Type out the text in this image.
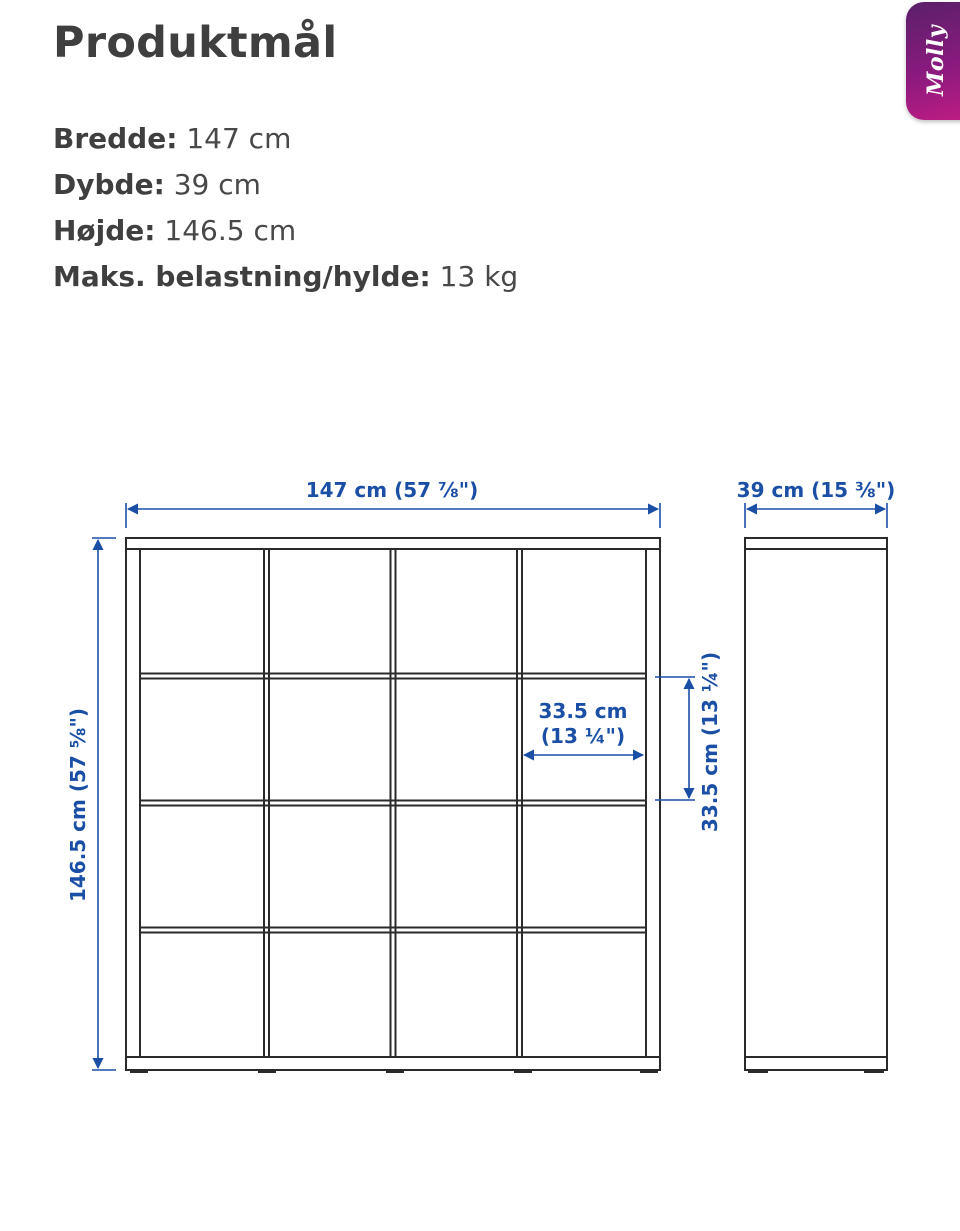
Produktmål
Bredde: 147 cm
Dybde: 39 cm
Højde: 146.5 cm
Maks. belastning/hylde: 13 kg
Molly
147 cm (57 ⅞")	39 cm (15 ⅜")
146.5 cm (57 ⅝")	33.5 cm
(13 ¼")	33.5 cm (13 ¼")
